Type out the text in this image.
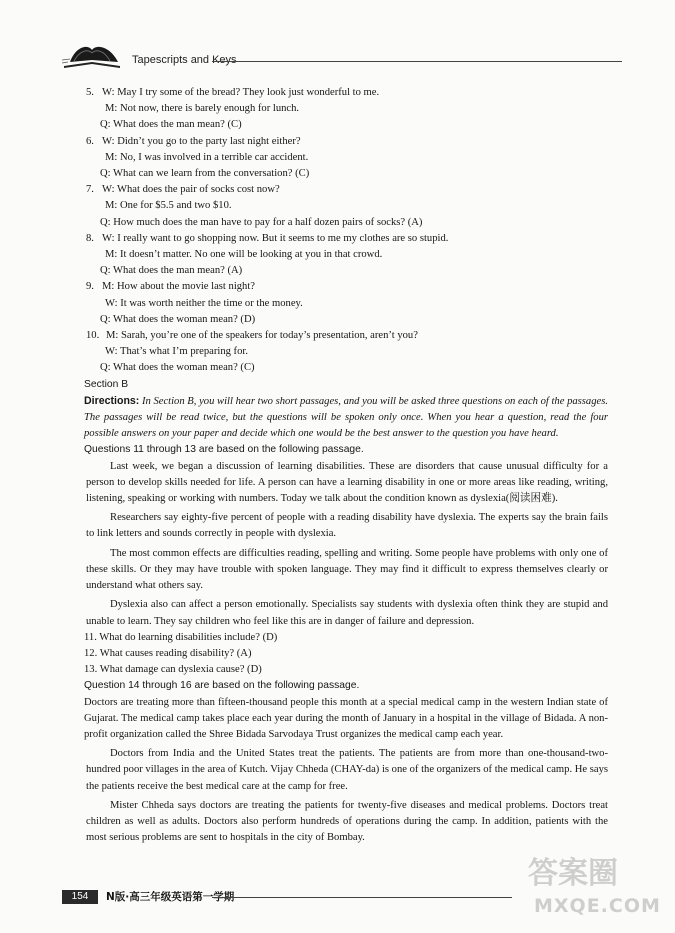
Tapescripts and Keys
5. W: May I try some of the bread? They look just wonderful to me.
M: Not now, there is barely enough for lunch.
Q: What does the man mean? (C)
6. W: Didn’t you go to the party last night either?
M: No, I was involved in a terrible car accident.
Q: What can we learn from the conversation? (C)
7. W: What does the pair of socks cost now?
M: One for $5.5 and two $10.
Q: How much does the man have to pay for a half dozen pairs of socks? (A)
8. W: I really want to go shopping now. But it seems to me my clothes are so stupid.
M: It doesn’t matter. No one will be looking at you in that crowd.
Q: What does the man mean? (A)
9. M: How about the movie last night?
W: It was worth neither the time or the money.
Q: What does the woman mean? (D)
10. M: Sarah, you’re one of the speakers for today’s presentation, aren’t you?
W: That’s what I’m preparing for.
Q: What does the woman mean? (C)
Section B
Directions: In Section B, you will hear two short passages, and you will be asked three questions on each of the passages. The passages will be read twice, but the questions will be spoken only once. When you hear a question, read the four possible answers on your paper and decide which one would be the best answer to the question you have heard.
Questions 11 through 13 are based on the following passage.

Last week, we began a discussion of learning disabilities. These are disorders that cause unusual difficulty for a person to develop skills needed for life. A person can have a learning disability in one or more areas like reading, writing, listening, speaking or working with numbers. Today we talk about the condition known as dyslexia(阅读困难).

Researchers say eighty-five percent of people with a reading disability have dyslexia. The experts say the brain fails to link letters and sounds correctly in people with dyslexia.

The most common effects are difficulties reading, spelling and writing. Some people have problems with only one of these skills. Or they may have trouble with spoken language. They may find it difficult to express themselves clearly or understand what others say.

Dyslexia also can affect a person emotionally. Specialists say students with dyslexia often think they are stupid and unable to learn. They say children who feel like this are in danger of failure and depression.

11. What do learning disabilities include? (D)
12. What causes reading disability? (A)
13. What damage can dyslexia cause? (D)
Question 14 through 16 are based on the following passage.

Doctors are treating more than fifteen-thousand people this month at a special medical camp in the western Indian state of Gujarat. The medical camp takes place each year during the month of January in a hospital in the village of Bidada. A non-profit organization called the Shree Bidada Sarvodaya Trust organizes the medical camp each year.

Doctors from India and the United States treat the patients. The patients are from more than one-thousand-two-hundred poor villages in the area of Kutch. Vijay Chheda (CHAY-da) is one of the organizers of the medical camp. He says the patients receive the best medical care at the camp for free.

Mister Chheda says doctors are treating the patients for twenty-five diseases and medical problems. Doctors treat children as well as adults. Doctors also perform hundreds of operations during the camp. In addition, patients with the most serious problems are sent to hospitals in the city of Bombay.

154	N版·高三年级英语第一学期
答案圈
MXQE.COM
